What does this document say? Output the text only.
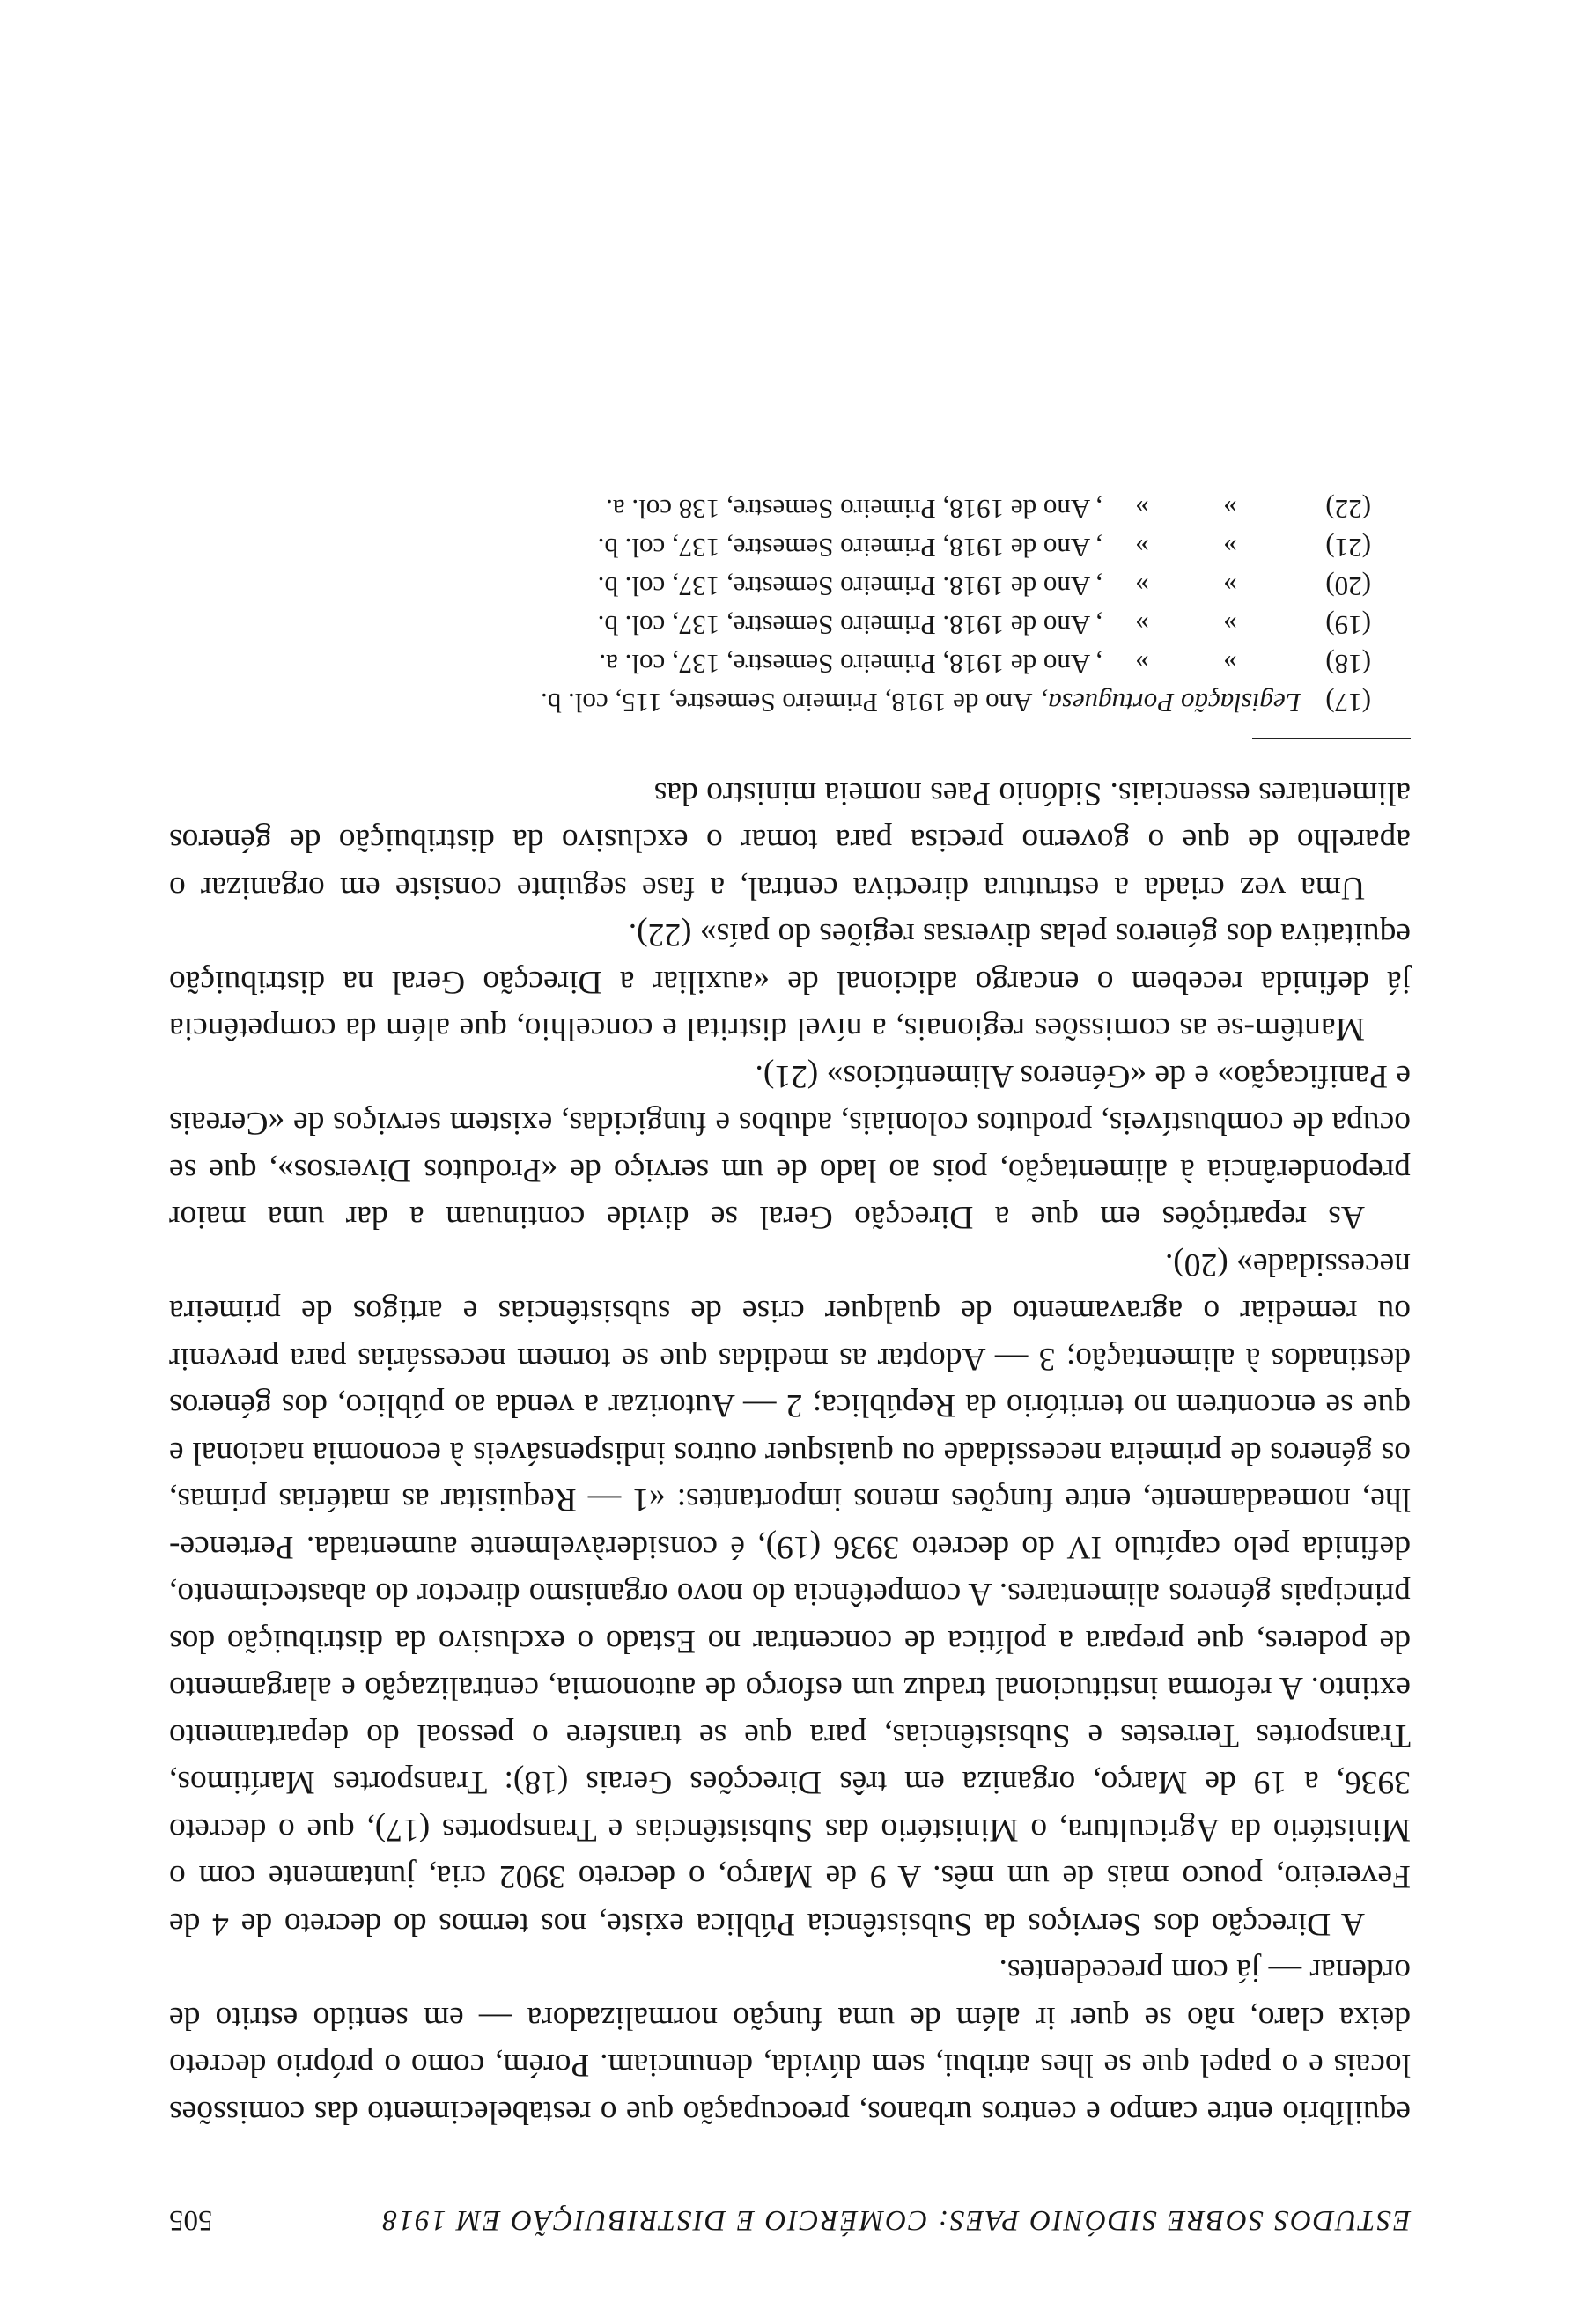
ESTUDOS SOBRE SIDÓNIO PAES: COMÉRCIO E DISTRIBUIÇÃO EM 1918
505

equilíbrio entre campo e centros urbanos, preocupação que o restabelecimento das comissões locais e o papel que se lhes atribui, sem dúvida, denunciam. Porém, como o próprio decreto deixa claro, não se quer ir além de uma função normalizadora — em sentido estrito de ordenar — já com precedentes.

A Direcção dos Serviços da Subsistência Pública existe, nos termos do decreto de 4 de Fevereiro, pouco mais de um mês. A 9 de Março, o decreto 3902 cria, juntamente com o Ministério da Agricultura, o Ministério das Subsistências e Transportes (17), que o decreto 3936, a 19 de Março, organiza em três Direcções Gerais (18): Transportes Marítimos, Transportes Terrestes e Subsistências, para que se transfere o pessoal do departamento extinto. A reforma institucional traduz um esforço de autonomia, centralização e alargamento de poderes, que prepara a política de concentrar no Estado o exclusivo da distribuição dos principais géneros alimentares. A competência do novo organismo director do abastecimento, definida pelo capítulo IV do decreto 3936 (19), é consideràvelmente aumentada. Pertence-lhe, nomeadamente, entre funções menos importantes: «1 — Requisitar as matérias primas, os géneros de primeira necessidade ou quaisquer outros indispensáveis à economia nacional e que se encontrem no território da República; 2 — Autorizar a venda ao público, dos géneros destinados à alimentação; 3 — Adoptar as medidas que se tornem necessárias para prevenir ou remediar o agravamento de qualquer crise de subsistências e artigos de primeira necessidade» (20).

As repartições em que a Direcção Geral se divide continuam a dar uma maior preponderância à alimentação, pois ao lado de um serviço de «Produtos Diversos», que se ocupa de combustíveis, produtos coloniais, adubos e fungicidas, existem serviços de «Cereais e Panificação» e de «Géneros Alimentícios» (21).

Mantêm-se as comissões regionais, a nível distrital e concelhio, que além da competência já definida recebem o encargo adicional de «auxiliar a Direcção Geral na distribuição equitativa dos géneros pelas diversas regiões do país» (22).

Uma vez criada a estrutura directiva central, a fase seguinte consiste em organizar o aparelho de que o governo precisa para tomar o exclusivo da distribuição de géneros alimentares essenciais. Sidónio Paes nomeia ministro das

(17)
Legislação Portuguesa,
Ano de 1918, Primeiro Semestre, 115, col. b.
(18)
»
»
, Ano de 1918, Primeiro Semestre, 137, col. a.
(19)
»
»
, Ano de 1918. Primeiro Semestre, 137, col. b.
(20)
»
»
, Ano de 1918. Primeiro Semestre, 137, col. b.
(21)
»
»
, Ano de 1918, Primeiro Semestre, 137, col. b.
(22)
»
»
, Ano de 1918, Primeiro Semestre, 138 col. a.
